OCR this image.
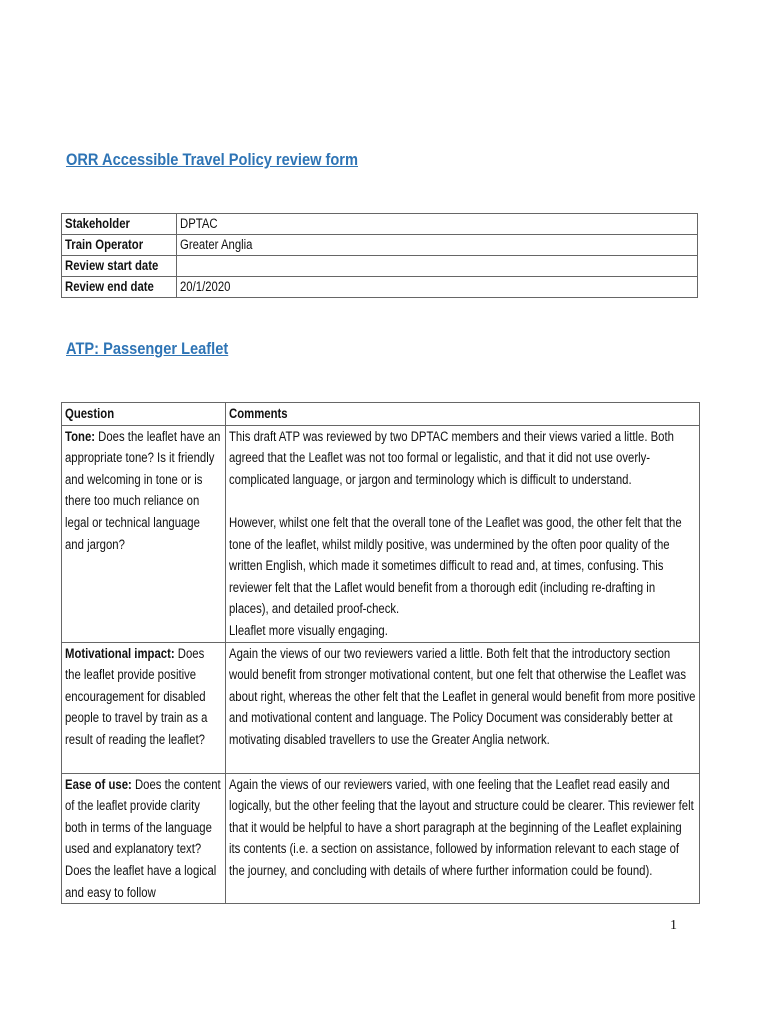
ORR Accessible Travel Policy review form
Stakeholder	DPTAC

Train Operator	Greater Anglia

Review start date	

Review end date	20/1/2020
ATP: Passenger Leaflet
Question	Comments

Tone: Does the leaflet have an appropriate tone? Is it friendly and welcoming in tone or is there too much reliance on legal or technical language and jargon?	This draft ATP was reviewed by two DPTAC members and their views varied a little. Both agreed that the Leaflet was not too formal or legalistic, and that it did not use overly-complicated language, or jargon and terminology which is difficult to understand.
However, whilst one felt that the overall tone of the Leaflet was good, the other felt that the tone of the leaflet, whilst mildly positive, was undermined by the often poor quality of the written English, which made it sometimes difficult to read and, at times, confusing. This reviewer felt that the Laflet would benefit from a thorough edit (including re-drafting in places), and detailed proof-check.
Lleaflet more visually engaging.

Motivational impact: Does the leaflet provide positive encouragement for disabled people to travel by train as a result of reading the leaflet?	Again the views of our two reviewers varied a little. Both felt that the introductory section would benefit from stronger motivational content, but one felt that otherwise the Leaflet was about right, whereas the other felt that the Leaflet in general would benefit from more positive and motivational content and language. The Policy Document was considerably better at motivating disabled travellers to use the Greater Anglia network.

Ease of use: Does the content of the leaflet provide clarity both in terms of the language used and explanatory text? Does the leaflet have a logical and easy to follow	Again the views of our reviewers varied, with one feeling that the Leaflet read easily and logically, but the other feeling that the layout and structure could be clearer. This reviewer felt that it would be helpful to have a short paragraph at the beginning of the Leaflet explaining its contents (i.e. a section on assistance, followed by information relevant to each stage of the journey, and concluding with details of where further information could be found).
1
